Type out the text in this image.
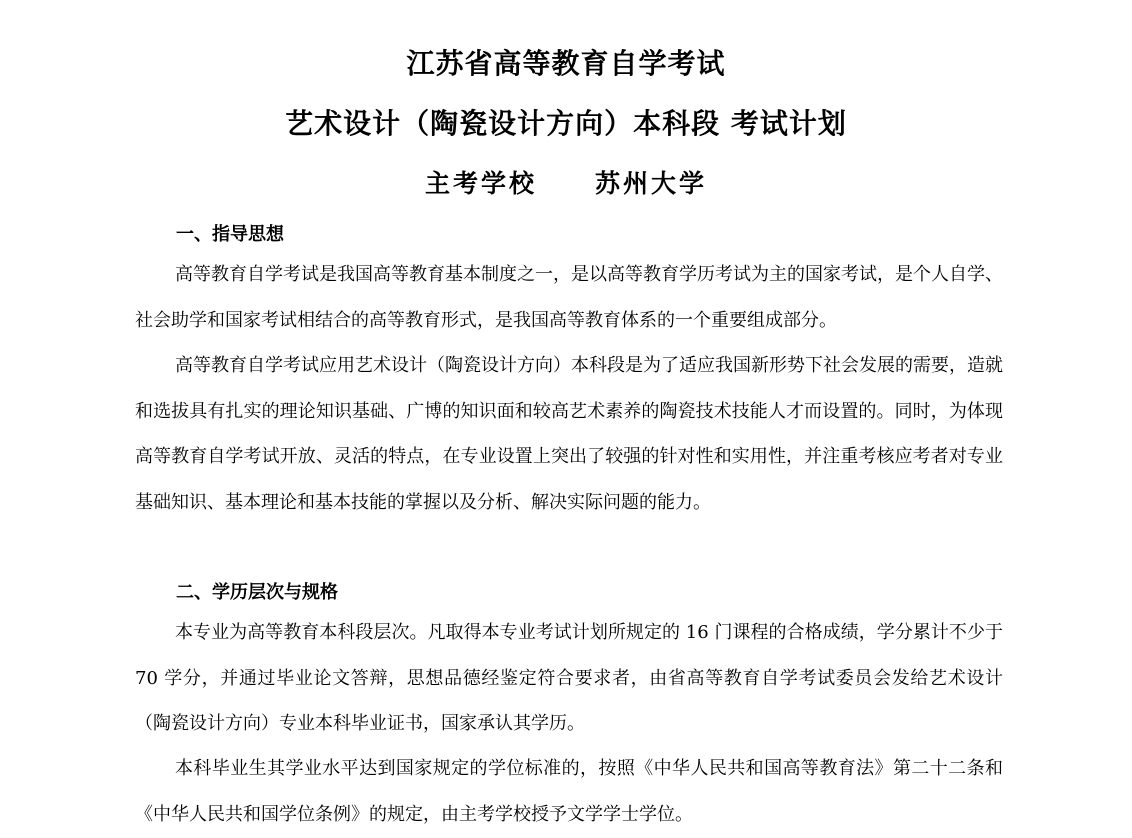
江苏省高等教育自学考试
艺术设计（陶瓷设计方向）本科段 考试计划
主考学校 苏州大学
一、指导思想

高等教育自学考试是我国高等教育基本制度之一，是以高等教育学历考试为主的国家考试，是个人自学、社会助学和国家考试相结合的高等教育形式，是我国高等教育体系的一个重要组成部分。

高等教育自学考试应用艺术设计（陶瓷设计方向）本科段是为了适应我国新形势下社会发展的需要，造就和选拔具有扎实的理论知识基础、广博的知识面和较高艺术素养的陶瓷技术技能人才而设置的。同时，为体现高等教育自学考试开放、灵活的特点，在专业设置上突出了较强的针对性和实用性，并注重考核应考者对专业基础知识、基本理论和基本技能的掌握以及分析、解决实际问题的能力。

二、学历层次与规格

本专业为高等教育本科段层次。凡取得本专业考试计划所规定的 16 门课程的合格成绩，学分累计不少于 70 学分，并通过毕业论文答辩，思想品德经鉴定符合要求者，由省高等教育自学考试委员会发给艺术设计（陶瓷设计方向）专业本科毕业证书，国家承认其学历。

本科毕业生其学业水平达到国家规定的学位标准的，按照《中华人民共和国高等教育法》第二十二条和《中华人民共和国学位条例》的规定，由主考学校授予文学学士学位。
